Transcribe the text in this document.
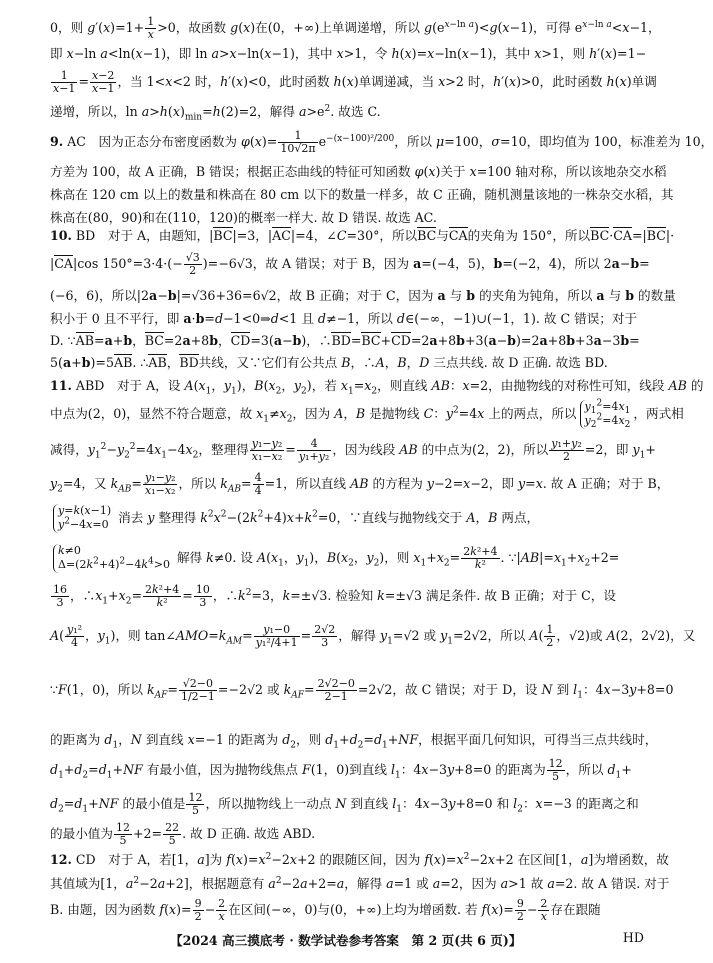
0，则 $g'(x)=1+ \frac{1}{x} >0$，故函数 g(x)在(0，+∞)上单调递增，所以 $g(e^{x-ln a})<g(x-1)$，可得 $e^{x-ln a}<x-1$，
即 x−ln a<ln(x−1)，即 ln a>x−ln(x−1)，其中 x>1，令 h(x)=x−ln(x−1)，其中 x>1，则 h′(x)=1−
$\frac{1}{x-1} = \frac{x-2}{x-1}$ ，当 1<x<2 时，h′(x)<0，此时函数 h(x)单调递减，当 x>2 时，h′(x)>0，此时函数 h(x)单调
递增，所以，$\ln a>h(x)_{min}=h(2)=2$，解得 $a>e^2$. 故选 C.
9. AC　因为正态分布密度函数为 $\varphi(x)= \frac{1}{10√2\pi} e^{-(x-100)^2/200}$，所以 μ=100，σ=10，即均值为 100，标准差为 10，
方差为 100，故 A 正确，B 错误；根据正态曲线的特征可知函数 φ(x)关于 x=100 轴对称，所以该地杂交水稻
株高在 120 cm 以上的数量和株高在 80 cm 以下的数量一样多，故 C 正确，随机测量该地的一株杂交水稻，其
株高在(80，90)和在(110，120)的概率一样大. 故 D 错误. 故选 AC.
10. BD　对于 A，由题知，|BC|=3，|AC|=4，∠C=30°，所以BC与CA的夹角为 150°，所以BC·CA=|BC|·
|CA|cos $150^\circ=3\cdot 4\cdot(- \frac{√3}{2} )=-6√3$，故 A 错误；对于 B，因为 a=(−4，5)，b=(−2，4)，所以 2a−b=
(−6，6)，所以|2a−b|=√36+36=6√2，故 B 正确；对于 C，因为 a 与 b 的夹角为钝角，所以 a 与 b 的数量
积小于 0 且不平行，即 a·b=d−1<0⇒d<1 且 d≠−1，所以 d∈(−∞，−1)∪(−1，1). 故 C 错误；对于
D. ∵AB=a+b，BC=2a+8b，CD=3(a−b)，∴BD=BC+CD=2a+8b+3(a−b)=2a+8b+3a−3b=
5(a+b)=5AB. ∴AB，BD共线，又∵它们有公共点 B，∴A，B，D 三点共线. 故 D 正确. 故选 BD.
11. ABD　对于 A，设 $A(x_1$，$y_1$)，$B(x_2$，$y_2$)，若 $x_1=x_2$，则直线 AB：x=2，由抛物线的对称性可知，线段 AB 的
中点为(2，0)，显然不符合题意，故 $x_1\ne x_2$，因为 A，B 是抛物线 C：$y^2=4x$ 上的两点，所以 $y_1^2=4x_1$
$y_2^2=4x_2$，两式相
减得，$y_1^2-y_2^2=4x_1-4x_2$，整理得 $\frac{\text{y₁−y₂}}{\text{x₁−x₂}} = \frac{4}{\text{y₁+y₂}}$ ，因为线段 AB 的中点为(2，2)，所以 $\frac{\text{y₁+y₂}}{2} =2$，即 $y_1+$
$y_2=4$，又 $k_{AB}= \frac{\text{y₁−y₂}}{\text{x₁−x₂}}$ ，所以 $k_{AB}= \frac{4}{4} =1$，所以直线 AB 的方程为 y−2=x−2，即 y=x. 故 A 正确；对于 B，
y=k(x−1)
$y^2-4x=0$ 消去 y 整理得 $k^2x^2-(2k^2+4)x+k^2=0$，∵直线与抛物线交于 A，B 两点，
k≠0
$\Delta=(2k^2+4)^2-4k^4>0$ 解得 k≠0. 设 $A(x_1$，$y_1$)，$B(x_2$，$y_2$)，则 $x_1+x_2= \frac{\text{2k²+4}}{\text{k²}}$ . $\because|AB|=x_1+x_2+2=$
$\frac{16}{3}$ ，$\therefore x_1+x_2= \frac{\text{2k²+4}}{\text{k²}} = \frac{10}{3}$ ，$\therefore k^2=3$，k=±√3. 检验知 k=±√3 满足条件. 故 B 正确；对于 C，设
$A( \frac{\text{y₁²}}{4}$ ，$y_1$)，则 $\tan\angle AMO=k_{AM}= \frac{\text{y₁−0}}{\text{y₁²/4+1}} = \frac{2√2}{3}$ ，解得 $y_1=√2$ 或 $y_1=2√2$，所以 $A( \frac{1}{2}$ ，√2)或 A(2，2√2)，又
∵F(1，0)，所以 $k_{AF}= \frac{√2-0}{1/2-1} =-2√2$ 或 $k_{AF}= \frac{2√2-0}{2-1} =2√2$，故 C 错误；对于 D，设 N 到 $l_1$：4x−3y+8=0
的距离为 $d_1$，N 到直线 x=−1 的距离为 $d_2$，则 $d_1+d_2=d_1+NF$，根据平面几何知识，可得当三点共线时，
$d_1+d_2=d_1+NF$ 有最小值，因为抛物线焦点 F(1，0)到直线 $l_1$：4x−3y+8=0 的距离为 $\frac{12}{5}$ ，所以 $d_1+$
$d_2=d_1+NF$ 的最小值是 $\frac{12}{5}$ ，所以抛物线上一动点 N 到直线 $l_1$：4x−3y+8=0 和 $l_2$：x=−3 的距离之和
的最小值为 $\frac{12}{5} +2= \frac{22}{5}$ . 故 D 正确. 故选 ABD.
12. CD　对于 A，若[1，a]为 $f(x)=x^2-2x+2$ 的跟随区间，因为 $f(x)=x^2-2x+2$ 在区间[1，a]为增函数，故
其值域为[1，$a^2-2a+2$]，根据题意有 $a^2-2a+2=a$，解得 a=1 或 a=2，因为 a>1 故 a=2. 故 A 错误. 对于
B. 由题，因为函数 $f(x)= \frac{9}{2} - \frac{2}{x}$ 在区间(−∞，0)与(0，+∞)上均为增函数. 若 $f(x)= \frac{9}{2} - \frac{2}{x}$ 存在跟随
【2024 高三摸底考 · 数学试卷参考答案　第 2 页(共 6 页)】	HD
